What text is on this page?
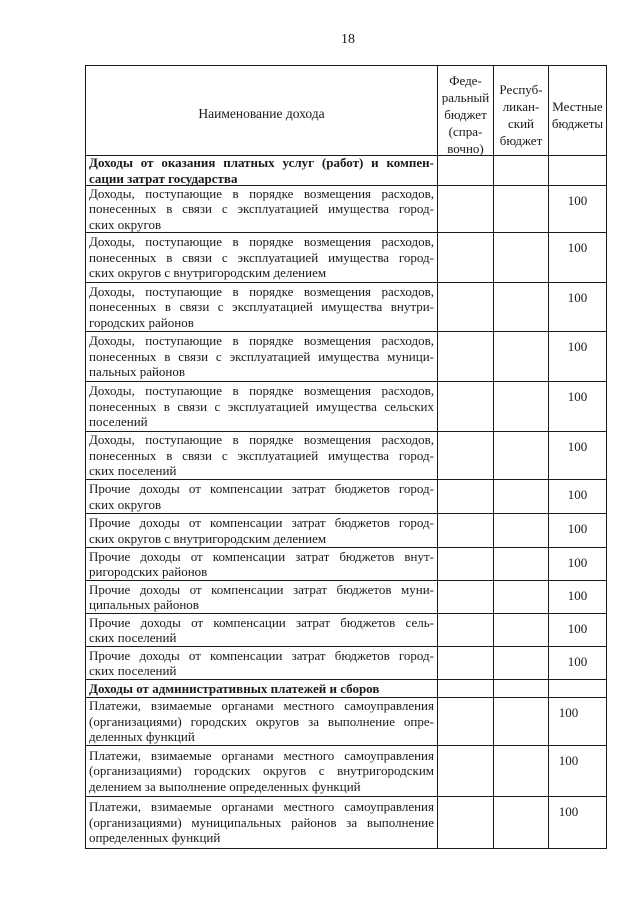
18
Наименование дохода
Феде-
ральный
бюджет
(спра-
вочно)
Респуб-
ликан-
ский
бюджет
Местные
бюджеты
Доходы от оказания платных услуг (работ) и компен-
сации затрат государства
Доходы, поступающие в порядке возмещения расходов,
понесенных в связи с эксплуатацией имущества город-
ских округов
100
Доходы, поступающие в порядке возмещения расходов,
понесенных в связи с эксплуатацией имущества город-
ских округов с внутригородским делением
100
Доходы, поступающие в порядке возмещения расходов,
понесенных в связи с эксплуатацией имущества внутри-
городских районов
100
Доходы, поступающие в порядке возмещения расходов,
понесенных в связи с эксплуатацией имущества муници-
пальных районов
100
Доходы, поступающие в порядке возмещения расходов,
понесенных в связи с эксплуатацией имущества сельских
поселений
100
Доходы, поступающие в порядке возмещения расходов,
понесенных в связи с эксплуатацией имущества город-
ских поселений
100
Прочие доходы от компенсации затрат бюджетов город-
ских округов
100
Прочие доходы от компенсации затрат бюджетов город-
ских округов с внутригородским делением
100
Прочие доходы от компенсации затрат бюджетов внут-
ригородских районов
100
Прочие доходы от компенсации затрат бюджетов муни-
ципальных районов
100
Прочие доходы от компенсации затрат бюджетов сель-
ских поселений
100
Прочие доходы от компенсации затрат бюджетов город-
ских поселений
100
Доходы от административных платежей и сборов
Платежи, взимаемые органами местного самоуправления
(организациями) городских округов за выполнение опре-
деленных функций
100
Платежи, взимаемые органами местного самоуправления
(организациями) городских округов с внутригородским
делением за выполнение определенных функций
100
Платежи, взимаемые органами местного самоуправления
(организациями) муниципальных районов за выполнение
определенных функций
100
